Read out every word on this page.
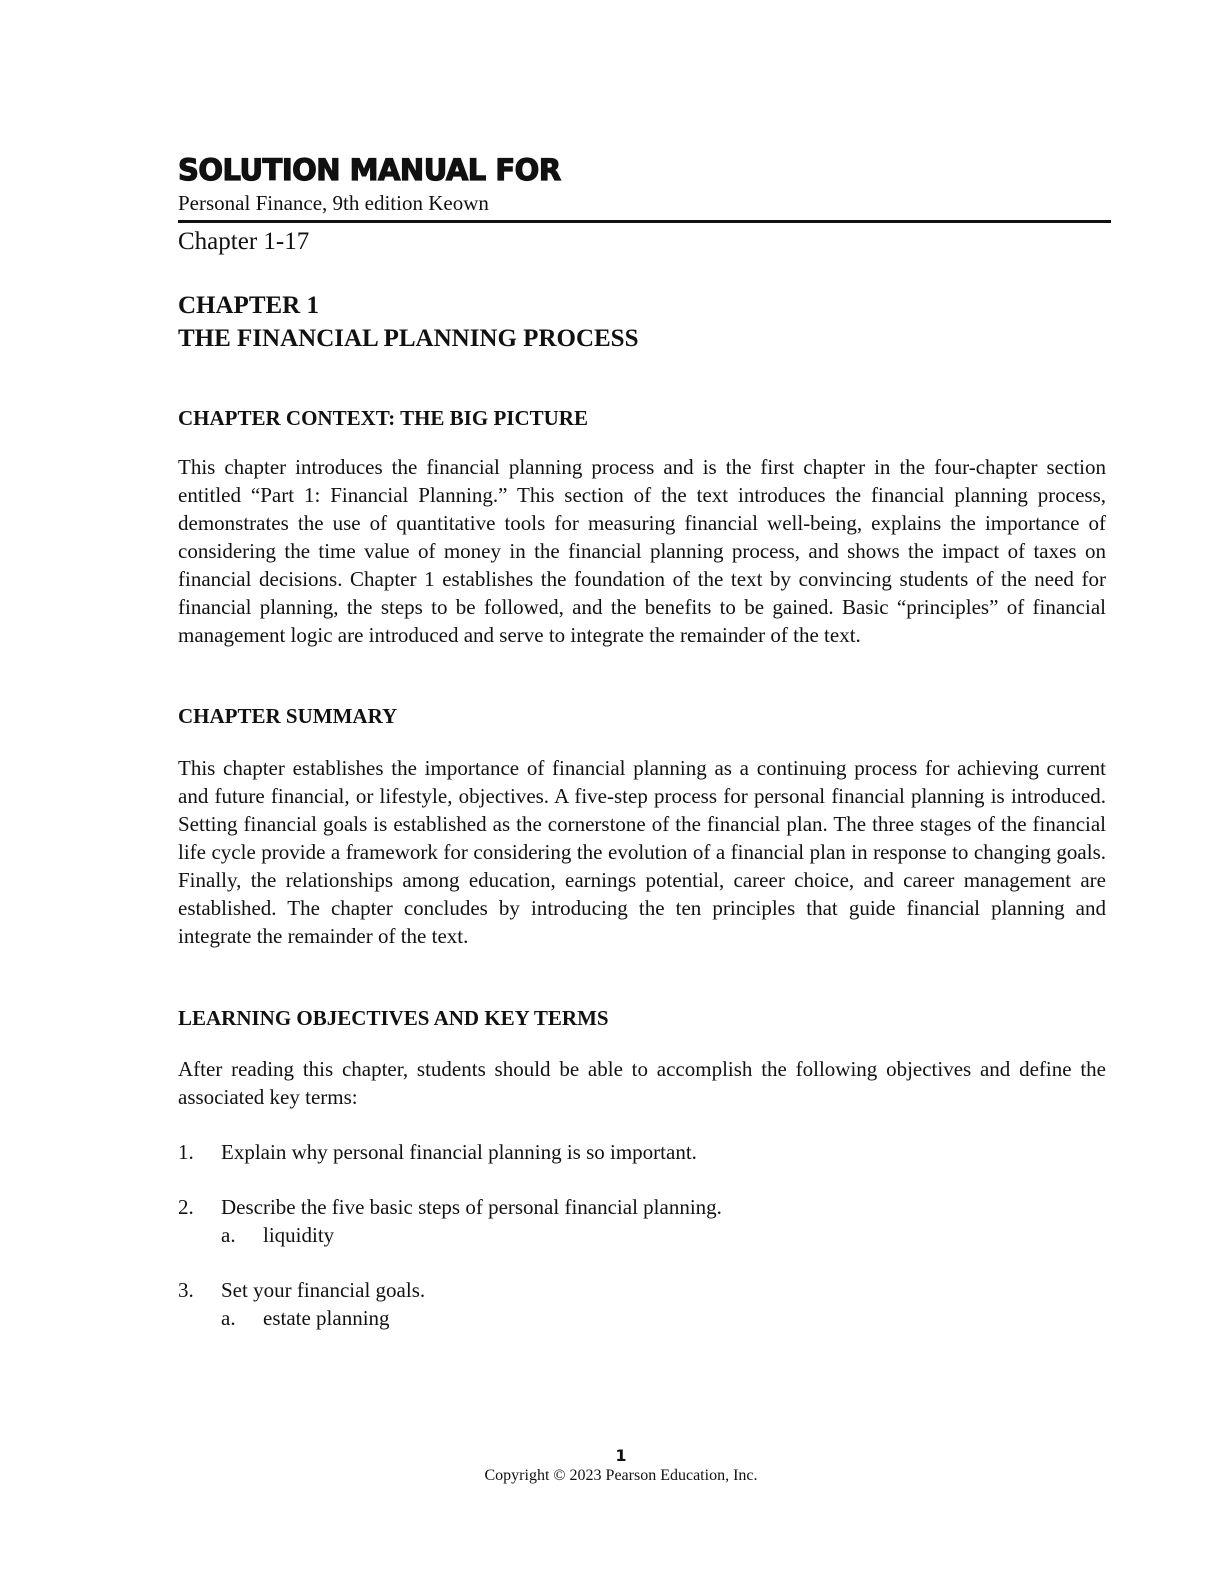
SOLUTION MANUAL FOR

Personal Finance, 9th edition Keown

Chapter 1-17

CHAPTER 1
THE FINANCIAL PLANNING PROCESS
CHAPTER CONTEXT: THE BIG PICTURE

This chapter introduces the financial planning process and is the first chapter in the four-chapter section entitled “Part 1: Financial Planning.” This section of the text introduces the financial planning process, demonstrates the use of quantitative tools for measuring financial well-being, explains the importance of considering the time value of money in the financial planning process, and shows the impact of taxes on financial decisions. Chapter 1 establishes the foundation of the text by convincing students of the need for financial planning, the steps to be followed, and the benefits to be gained. Basic “principles” of financial management logic are introduced and serve to integrate the remainder of the text.

CHAPTER SUMMARY

This chapter establishes the importance of financial planning as a continuing process for achieving current and future financial, or lifestyle, objectives. A five-step process for personal financial planning is introduced. Setting financial goals is established as the cornerstone of the financial plan. The three stages of the financial life cycle provide a framework for considering the evolution of a financial plan in response to changing goals. Finally, the relationships among education, earnings potential, career choice, and career management are established. The chapter concludes by introducing the ten principles that guide financial planning and integrate the remainder of the text.

LEARNING OBJECTIVES AND KEY TERMS

After reading this chapter, students should be able to accomplish the following objectives and define the associated key terms:

1.	Explain why personal financial planning is so important.
2.	Describe the five basic steps of personal financial planning.
a.	liquidity
3.	Set your financial goals.
a.	estate planning
1
Copyright © 2023 Pearson Education, Inc.
